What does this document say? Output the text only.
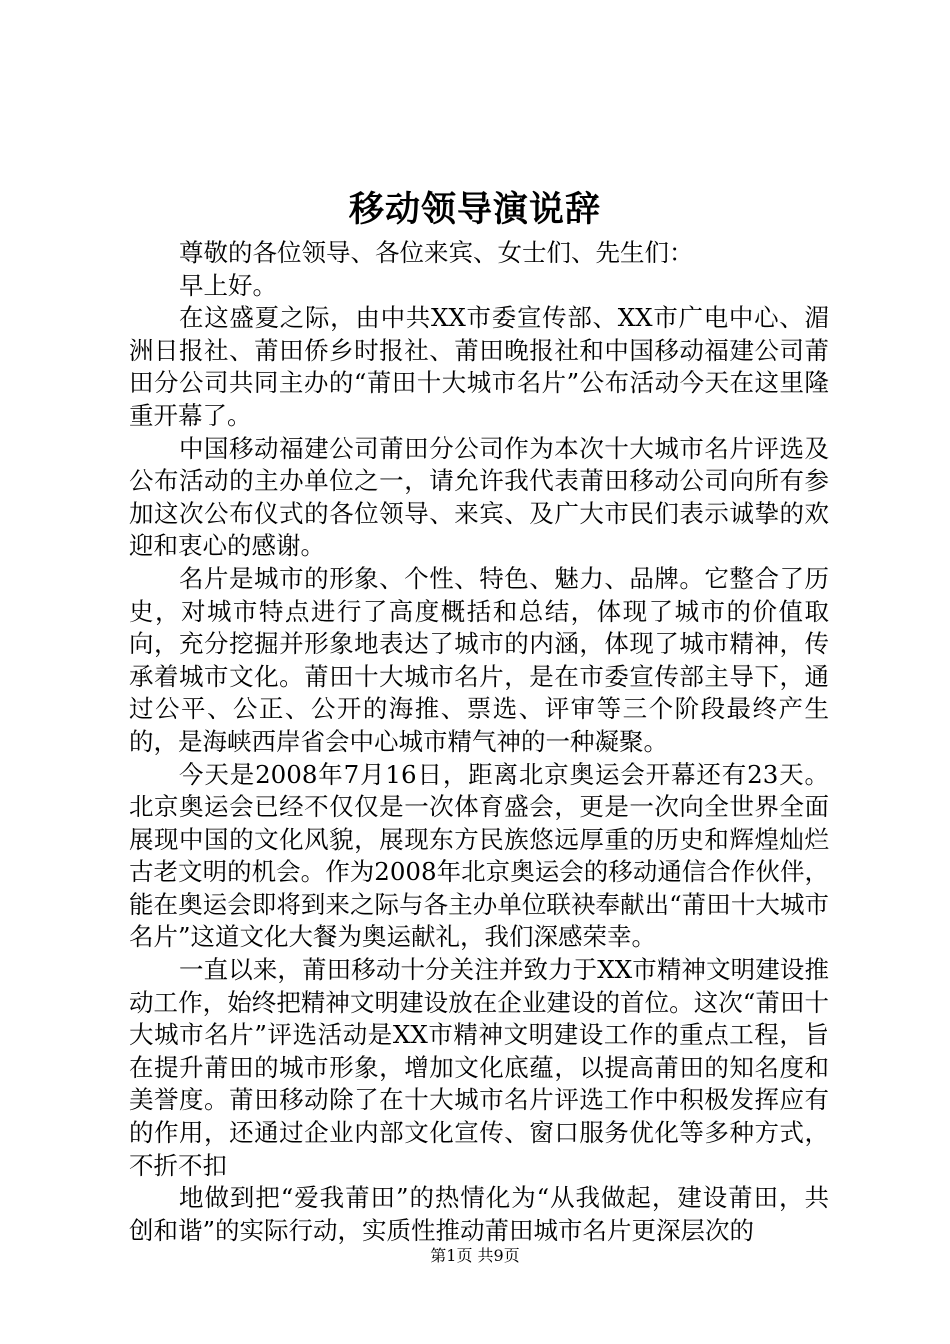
移动领导演说辞

尊敬的各位领导、各位来宾、女士们、先生们：

早上好。

在这盛夏之际，由中共XX市委宣传部、XX市广电中心、湄洲日报社、莆田侨乡时报社、莆田晚报社和中国移动福建公司莆田分公司共同主办的“莆田十大城市名片”公布活动今天在这里隆重开幕了。

中国移动福建公司莆田分公司作为本次十大城市名片评选及公布活动的主办单位之一，请允许我代表莆田移动公司向所有参加这次公布仪式的各位领导、来宾、及广大市民们表示诚挚的欢迎和衷心的感谢。

名片是城市的形象、个性、特色、魅力、品牌。它整合了历史，对城市特点进行了高度概括和总结，体现了城市的价值取向，充分挖掘并形象地表达了城市的内涵，体现了城市精神，传承着城市文化。莆田十大城市名片，是在市委宣传部主导下，通过公平、公正、公开的海推、票选、评审等三个阶段最终产生的，是海峡西岸省会中心城市精气神的一种凝聚。

今天是2008年7月16日，距离北京奥运会开幕还有23天。北京奥运会已经不仅仅是一次体育盛会，更是一次向全世界全面展现中国的文化风貌，展现东方民族悠远厚重的历史和辉煌灿烂古老文明的机会。作为2008年北京奥运会的移动通信合作伙伴，能在奥运会即将到来之际与各主办单位联袂奉献出“莆田十大城市名片”这道文化大餐为奥运献礼，我们深感荣幸。

一直以来，莆田移动十分关注并致力于XX市精神文明建设推动工作，始终把精神文明建设放在企业建设的首位。这次“莆田十大城市名片”评选活动是XX市精神文明建设工作的重点工程，旨在提升莆田的城市形象，增加文化底蕴，以提高莆田的知名度和美誉度。莆田移动除了在十大城市名片评选工作中积极发挥应有的作用，还通过企业内部文化宣传、窗口服务优化等多种方式，不折不扣

地做到把“爱我莆田”的热情化为“从我做起，建设莆田，共创和谐”的实际行动，实质性推动莆田城市名片更深层次的

第1页 共9页
